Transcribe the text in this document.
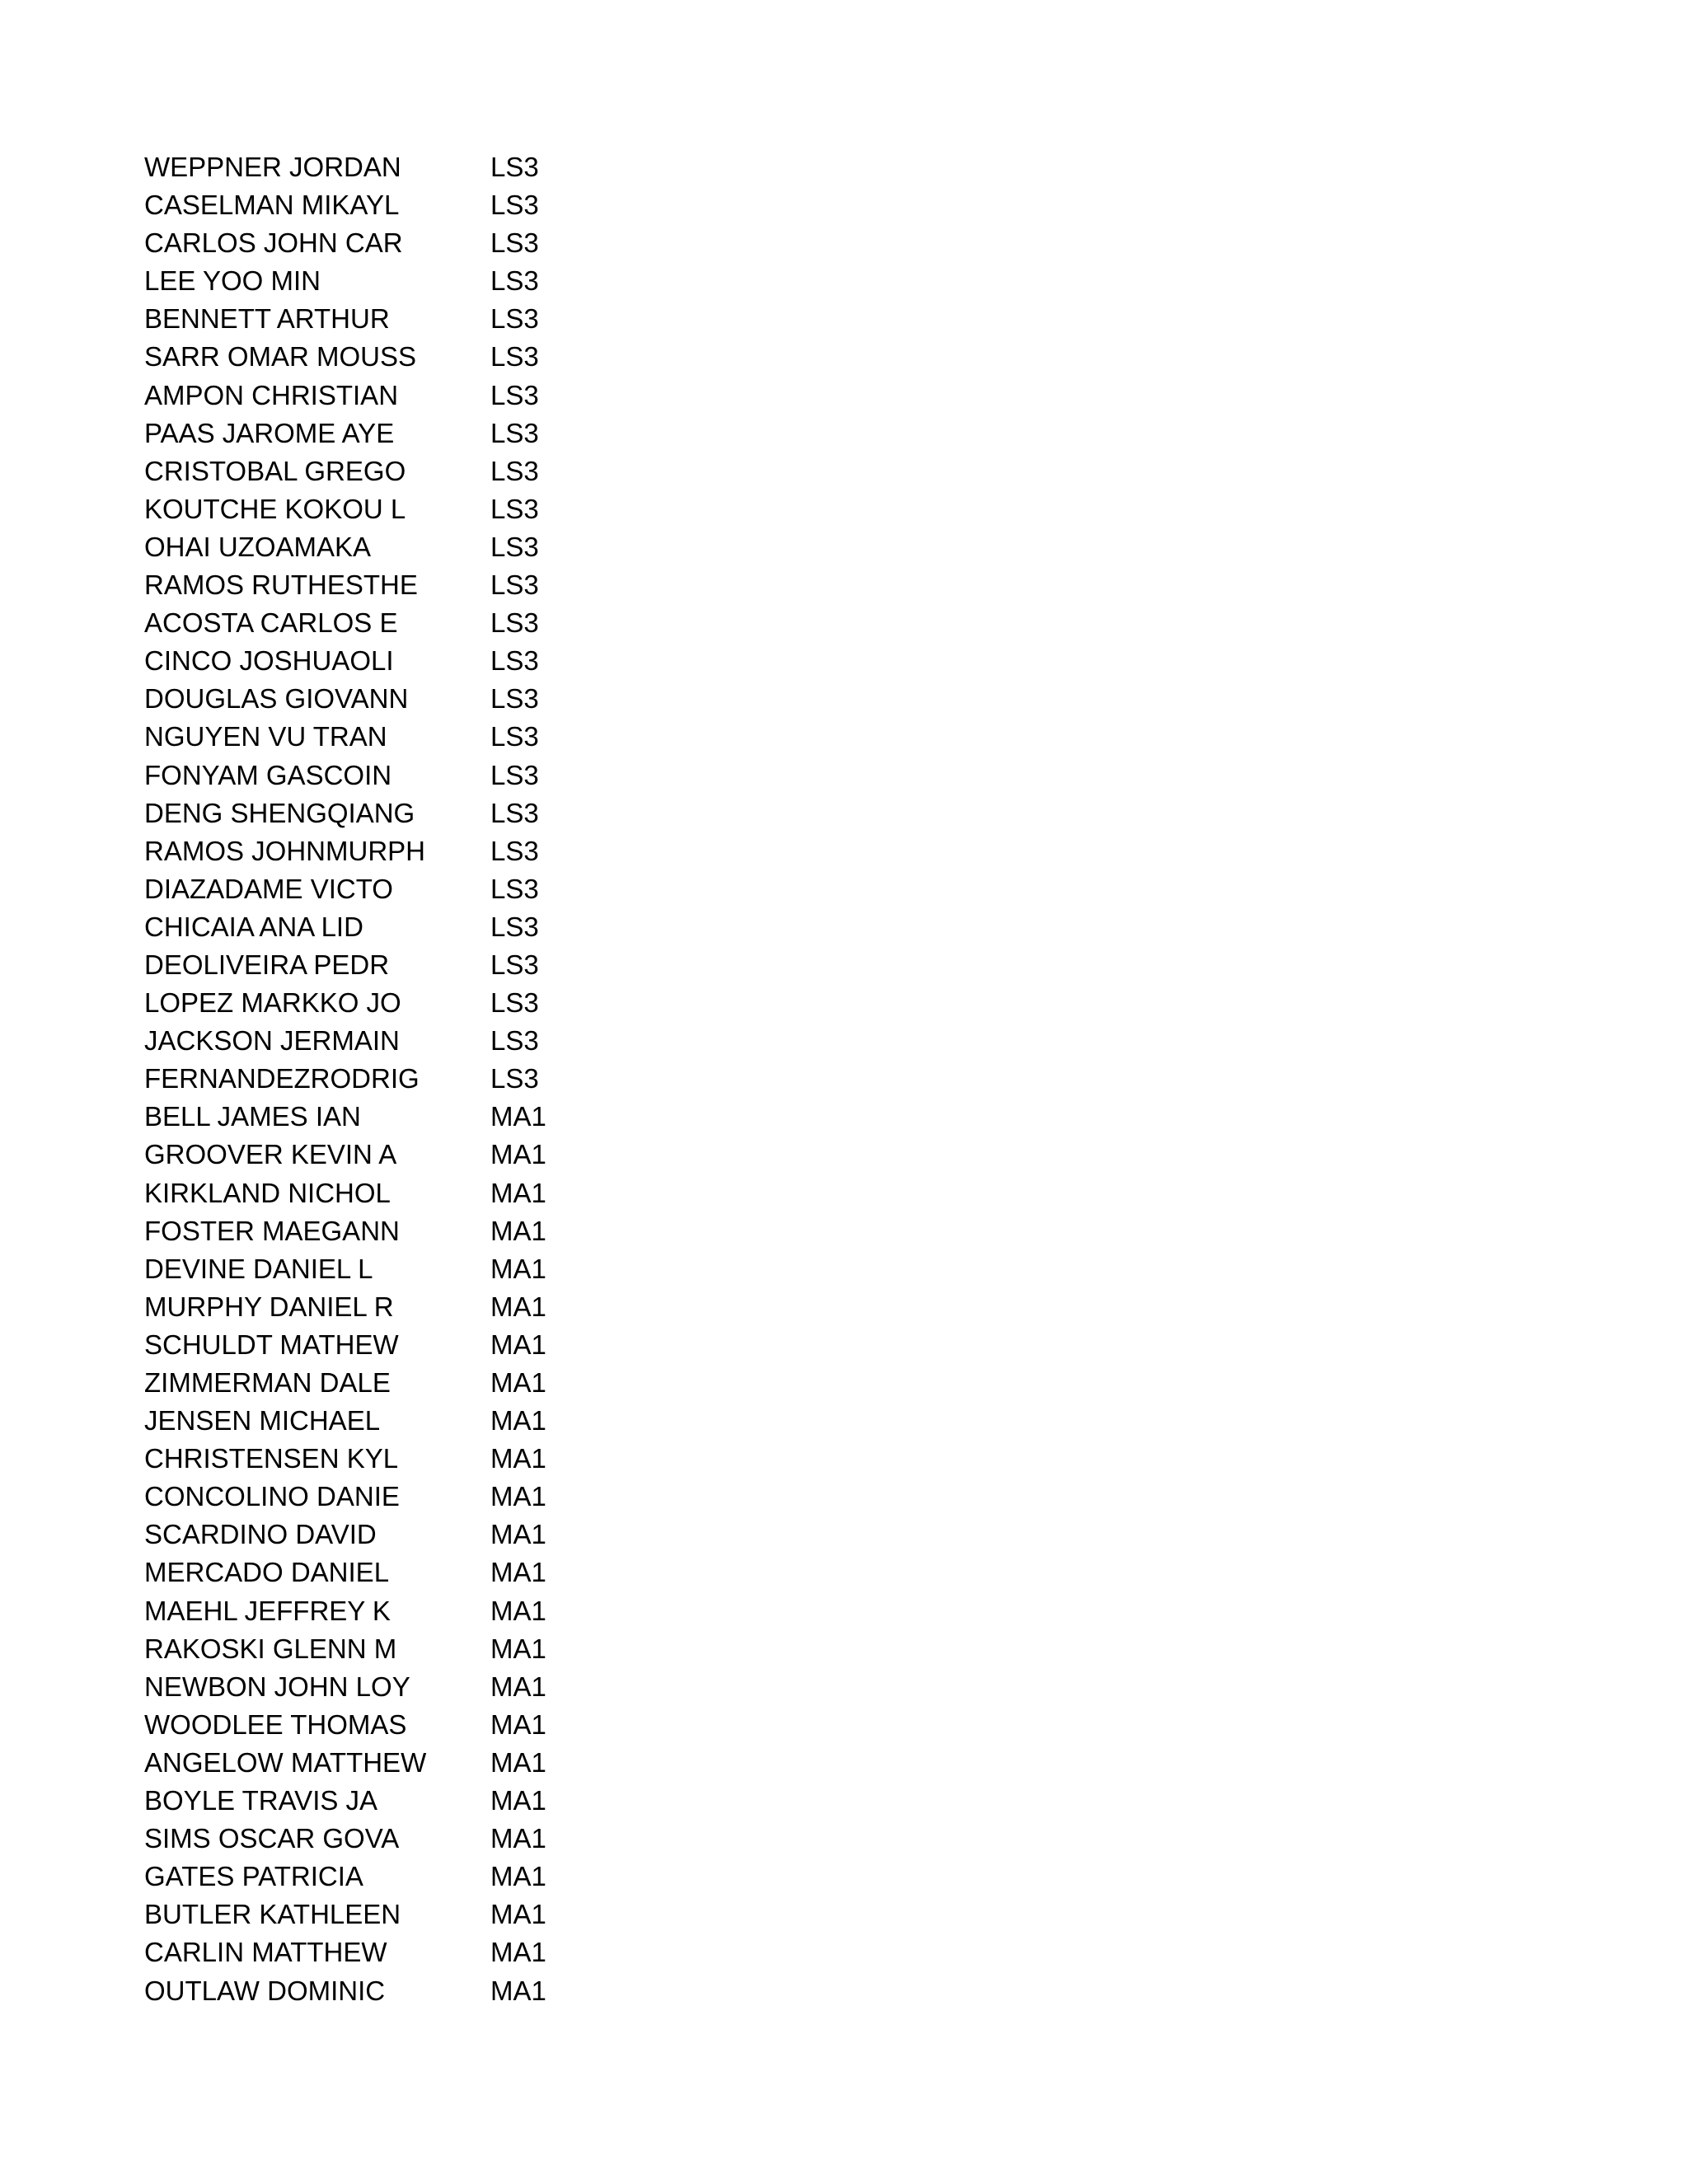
WEPPNER JORDAN	LS3
CASELMAN MIKAYL	LS3
CARLOS JOHN CAR	LS3
LEE YOO MIN	LS3
BENNETT ARTHUR	LS3
SARR OMAR MOUSS	LS3
AMPON CHRISTIAN	LS3
PAAS JAROME AYE	LS3
CRISTOBAL GREGO	LS3
KOUTCHE KOKOU L	LS3
OHAI UZOAMAKA	LS3
RAMOS RUTHESTHE	LS3
ACOSTA CARLOS E	LS3
CINCO JOSHUAOLI	LS3
DOUGLAS GIOVANN	LS3
NGUYEN VU TRAN	LS3
FONYAM GASCOIN	LS3
DENG SHENGQIANG	LS3
RAMOS JOHNMURPH	LS3
DIAZADAME VICTO	LS3
CHICAIA ANA LID	LS3
DEOLIVEIRA PEDR	LS3
LOPEZ MARKKO JO	LS3
JACKSON JERMAIN	LS3
FERNANDEZRODRIG	LS3
BELL JAMES IAN	MA1
GROOVER KEVIN A	MA1
KIRKLAND NICHOL	MA1
FOSTER MAEGANN	MA1
DEVINE DANIEL L	MA1
MURPHY DANIEL R	MA1
SCHULDT MATHEW	MA1
ZIMMERMAN DALE	MA1
JENSEN MICHAEL	MA1
CHRISTENSEN KYL	MA1
CONCOLINO DANIE	MA1
SCARDINO DAVID	MA1
MERCADO DANIEL	MA1
MAEHL JEFFREY K	MA1
RAKOSKI GLENN M	MA1
NEWBON JOHN LOY	MA1
WOODLEE THOMAS	MA1
ANGELOW MATTHEW	MA1
BOYLE TRAVIS JA	MA1
SIMS OSCAR GOVA	MA1
GATES PATRICIA	MA1
BUTLER KATHLEEN	MA1
CARLIN MATTHEW	MA1
OUTLAW DOMINIC	MA1
